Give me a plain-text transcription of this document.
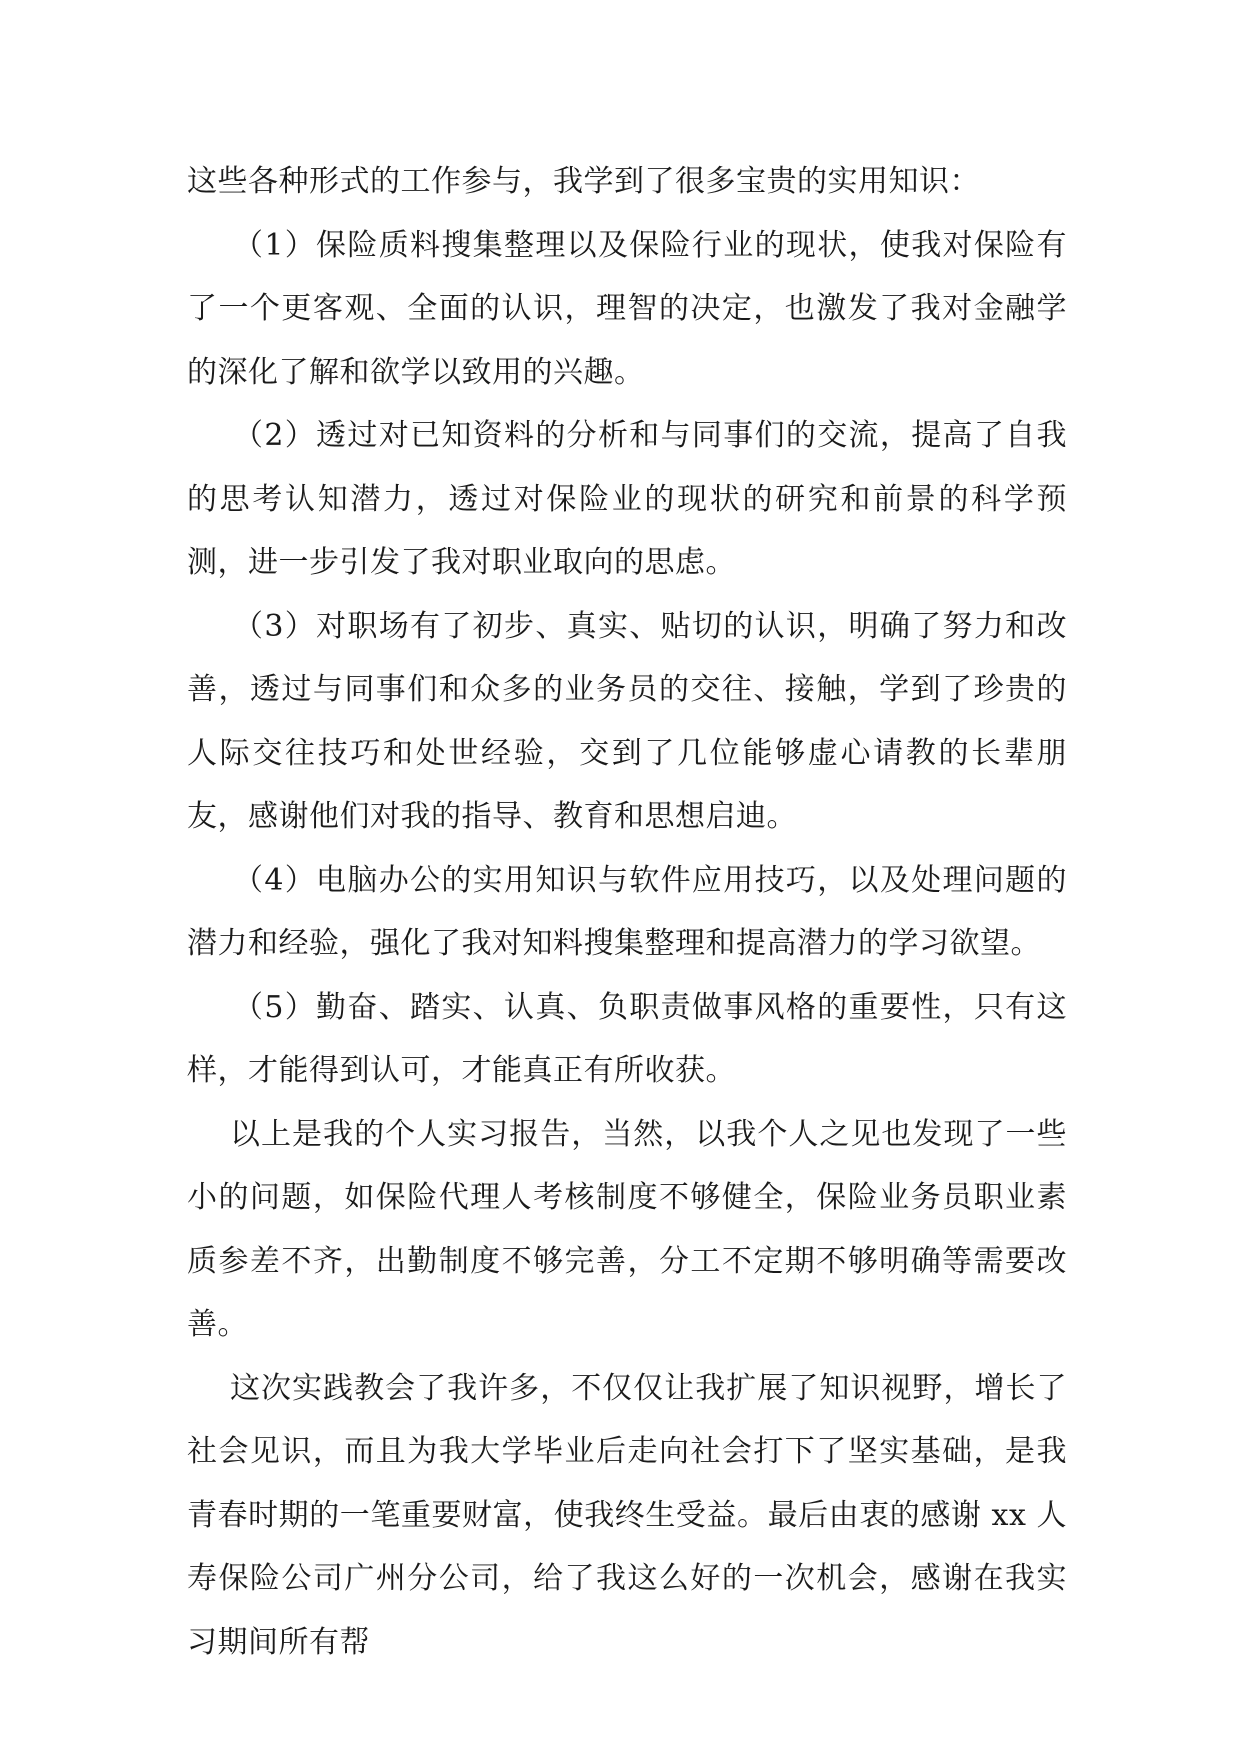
这些各种形式的工作参与，我学到了很多宝贵的实用知识：

（1）保险质料搜集整理以及保险行业的现状，使我对保险有了一个更客观、全面的认识，理智的决定，也激发了我对金融学的深化了解和欲学以致用的兴趣。

（2）透过对已知资料的分析和与同事们的交流，提高了自我的思考认知潜力，透过对保险业的现状的研究和前景的科学预测，进一步引发了我对职业取向的思虑。

（3）对职场有了初步、真实、贴切的认识，明确了努力和改善，透过与同事们和众多的业务员的交往、接触，学到了珍贵的人际交往技巧和处世经验，交到了几位能够虚心请教的长辈朋友，感谢他们对我的指导、教育和思想启迪。

（4）电脑办公的实用知识与软件应用技巧，以及处理问题的潜力和经验，强化了我对知料搜集整理和提高潜力的学习欲望。

（5）勤奋、踏实、认真、负职责做事风格的重要性，只有这样，才能得到认可，才能真正有所收获。

以上是我的个人实习报告，当然，以我个人之见也发现了一些小的问题，如保险代理人考核制度不够健全，保险业务员职业素质参差不齐，出勤制度不够完善，分工不定期不够明确等需要改善。

这次实践教会了我许多，不仅仅让我扩展了知识视野，增长了社会见识，而且为我大学毕业后走向社会打下了坚实基础，是我青春时期的一笔重要财富，使我终生受益。最后由衷的感谢 xx 人寿保险公司广州分公司，给了我这么好的一次机会，感谢在我实习期间所有帮
